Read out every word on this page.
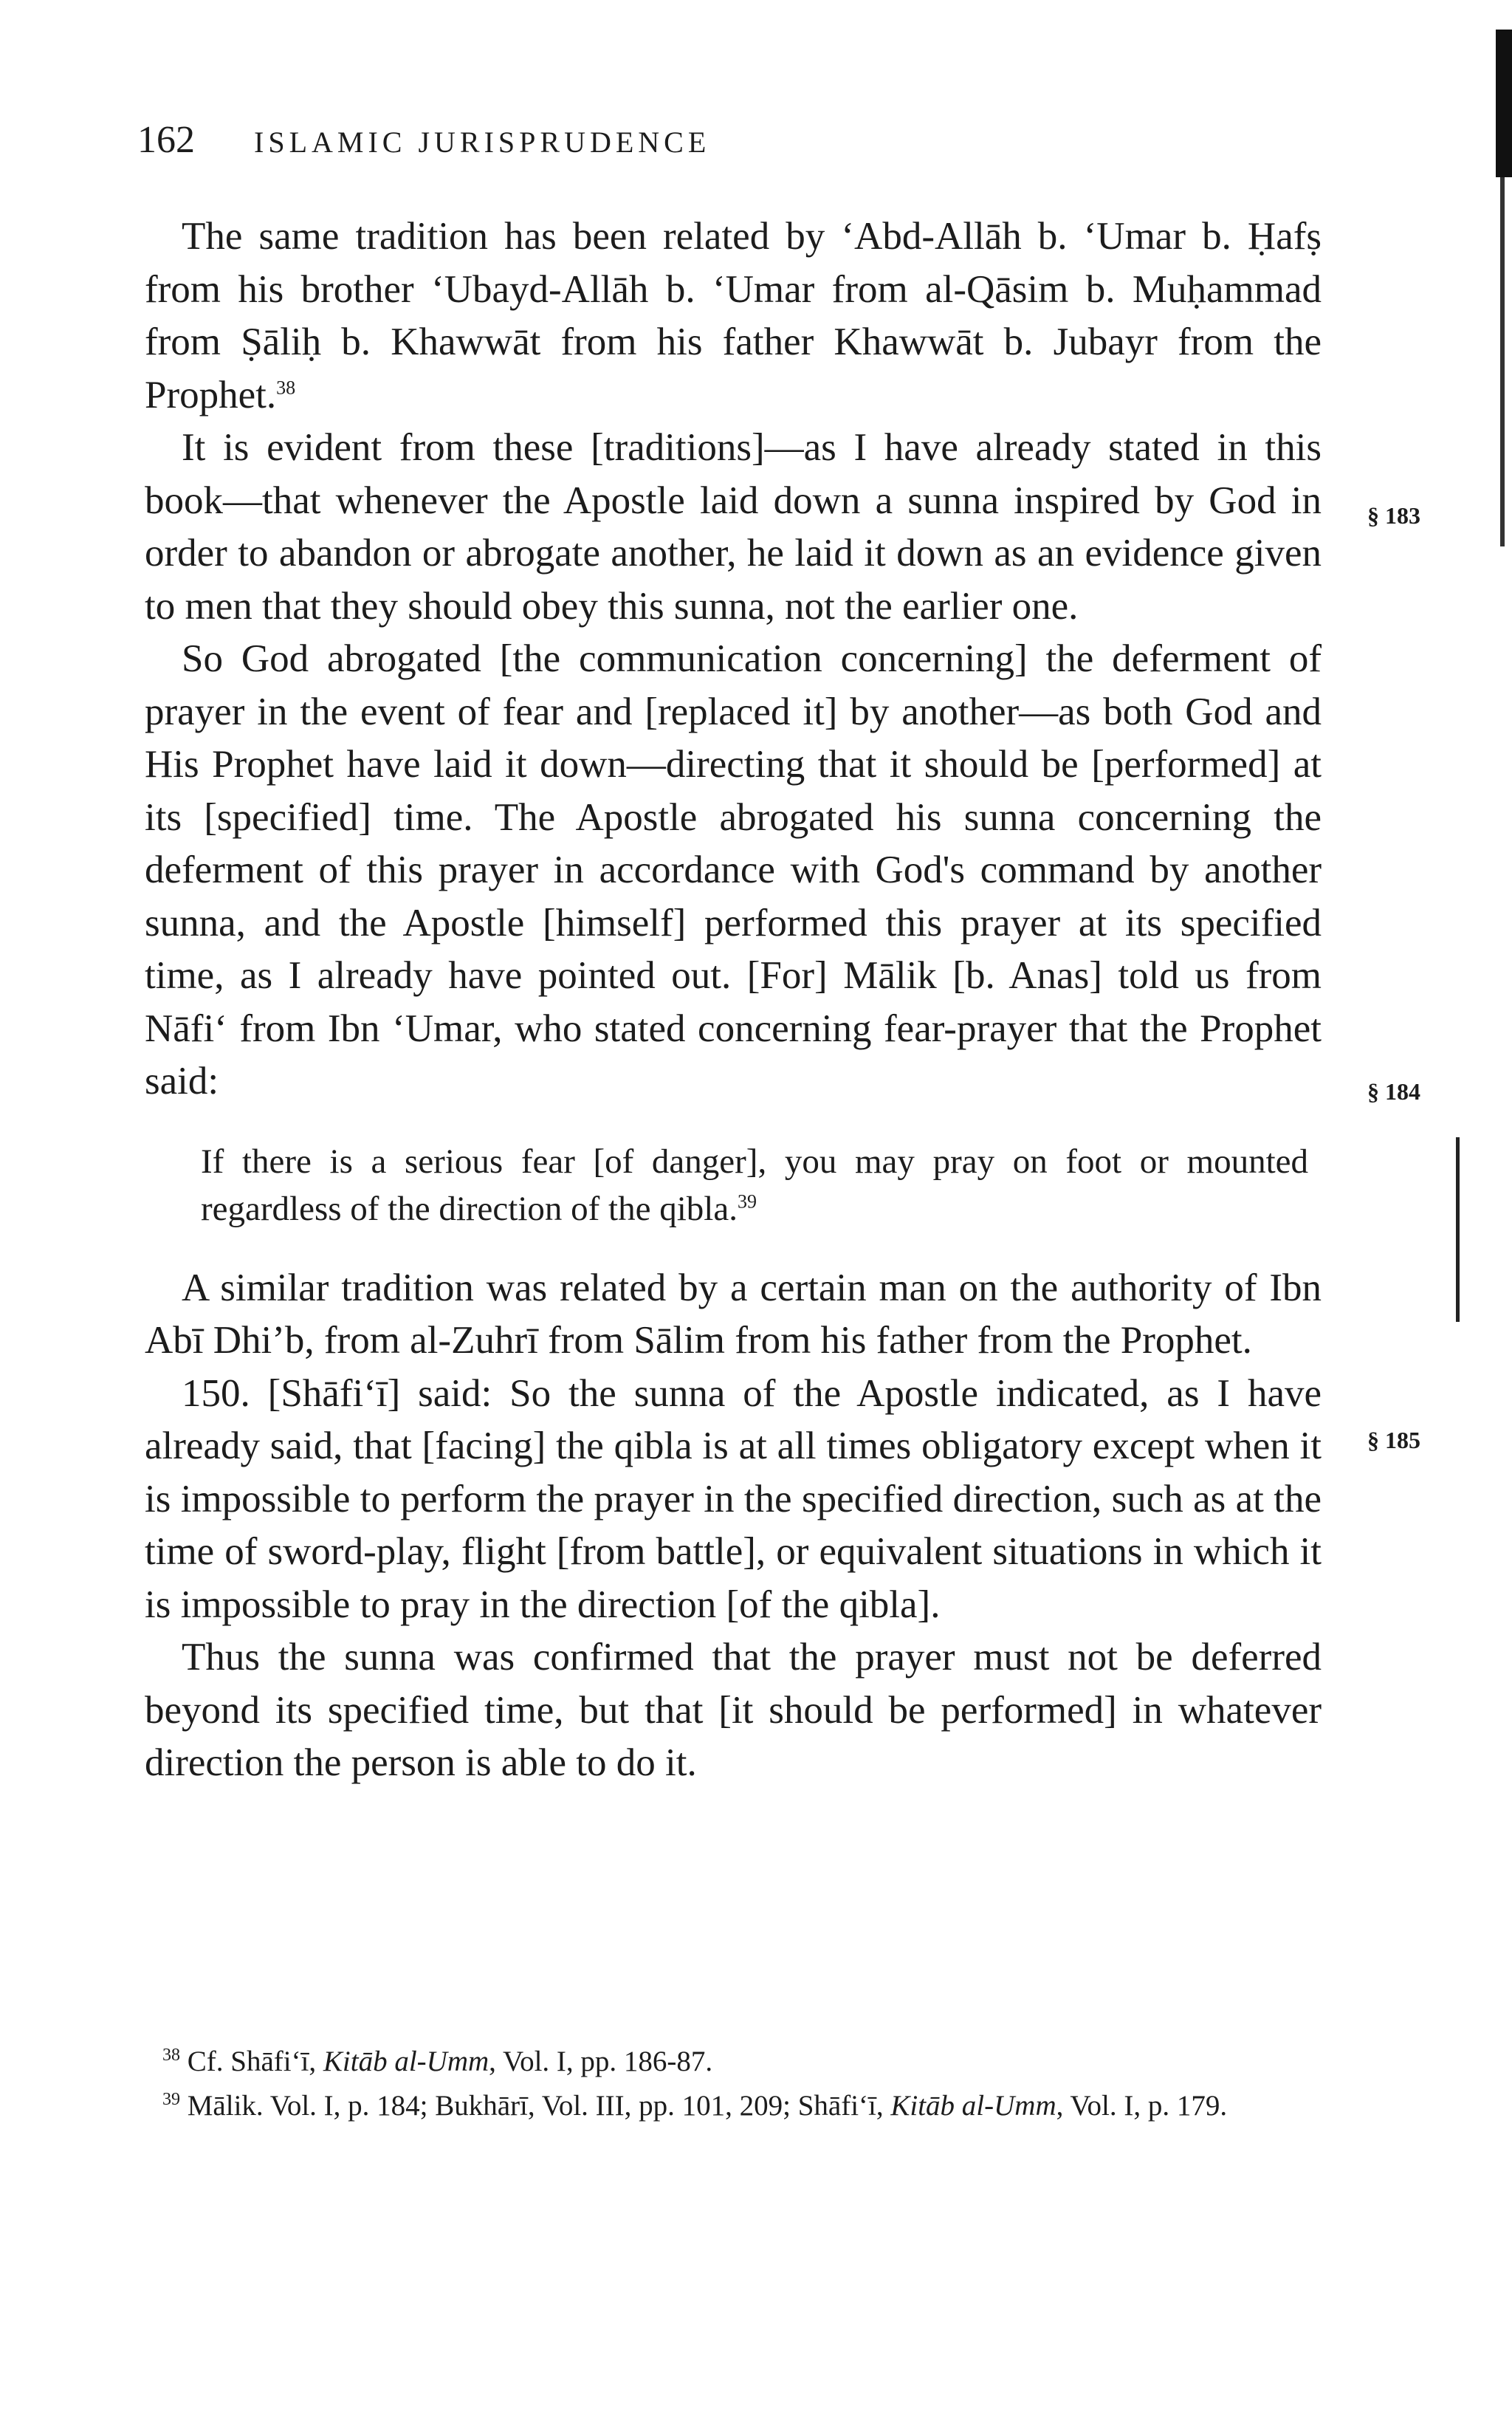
162 ISLAMIC JURISPRUDENCE

The same tradition has been related by ‘Abd-Allāh b. ‘Umar b. Ḥafṣ from his brother ‘Ubayd-Allāh b. ‘Umar from al-Qāsim b. Muḥammad from Ṣāliḥ b. Khawwāt from his father Khawwāt b. Jubayr from the Prophet.$^{38}$

It is evident from these [traditions]—as I have already stated in this book—that whenever the Apostle laid down a sunna inspired by God in order to abandon or abrogate another, he laid it down as an evidence given to men that they should obey this sunna, not the earlier one.

So God abrogated [the communication concerning] the deferment of prayer in the event of fear and [replaced it] by another—as both God and His Prophet have laid it down—directing that it should be [performed] at its [specified] time. The Apostle abrogated his sunna concerning the deferment of this prayer in accordance with God's command by another sunna, and the Apostle [himself] performed this prayer at its specified time, as I already have pointed out. [For] Mālik [b. Anas] told us from Nāfi‘ from Ibn ‘Umar, who stated concerning fear-prayer that the Prophet said:

If there is a serious fear [of danger], you may pray on foot or mounted regardless of the direction of the qibla.$^{39}$

A similar tradition was related by a certain man on the authority of Ibn Abī Dhi’b, from al-Zuhrī from Sālim from his father from the Prophet.

150. [Shāfi‘ī] said: So the sunna of the Apostle indicated, as I have already said, that [facing] the qibla is at all times obligatory except when it is impossible to perform the prayer in the specified direction, such as at the time of sword-play, flight [from battle], or equivalent situations in which it is impossible to pray in the direction [of the qibla].

Thus the sunna was confirmed that the prayer must not be deferred beyond its specified time, but that [it should be performed] in whatever direction the person is able to do it.

§ 183
§ 184
§ 185

$^{38}$ Cf. Shāfi‘ī, Kitāb al-Umm, Vol. I, pp. 186-87.

$^{39}$ Mālik. Vol. I, p. 184; Bukhārī, Vol. III, pp. 101, 209; Shāfi‘ī, Kitāb al-Umm, Vol. I, p. 179.
